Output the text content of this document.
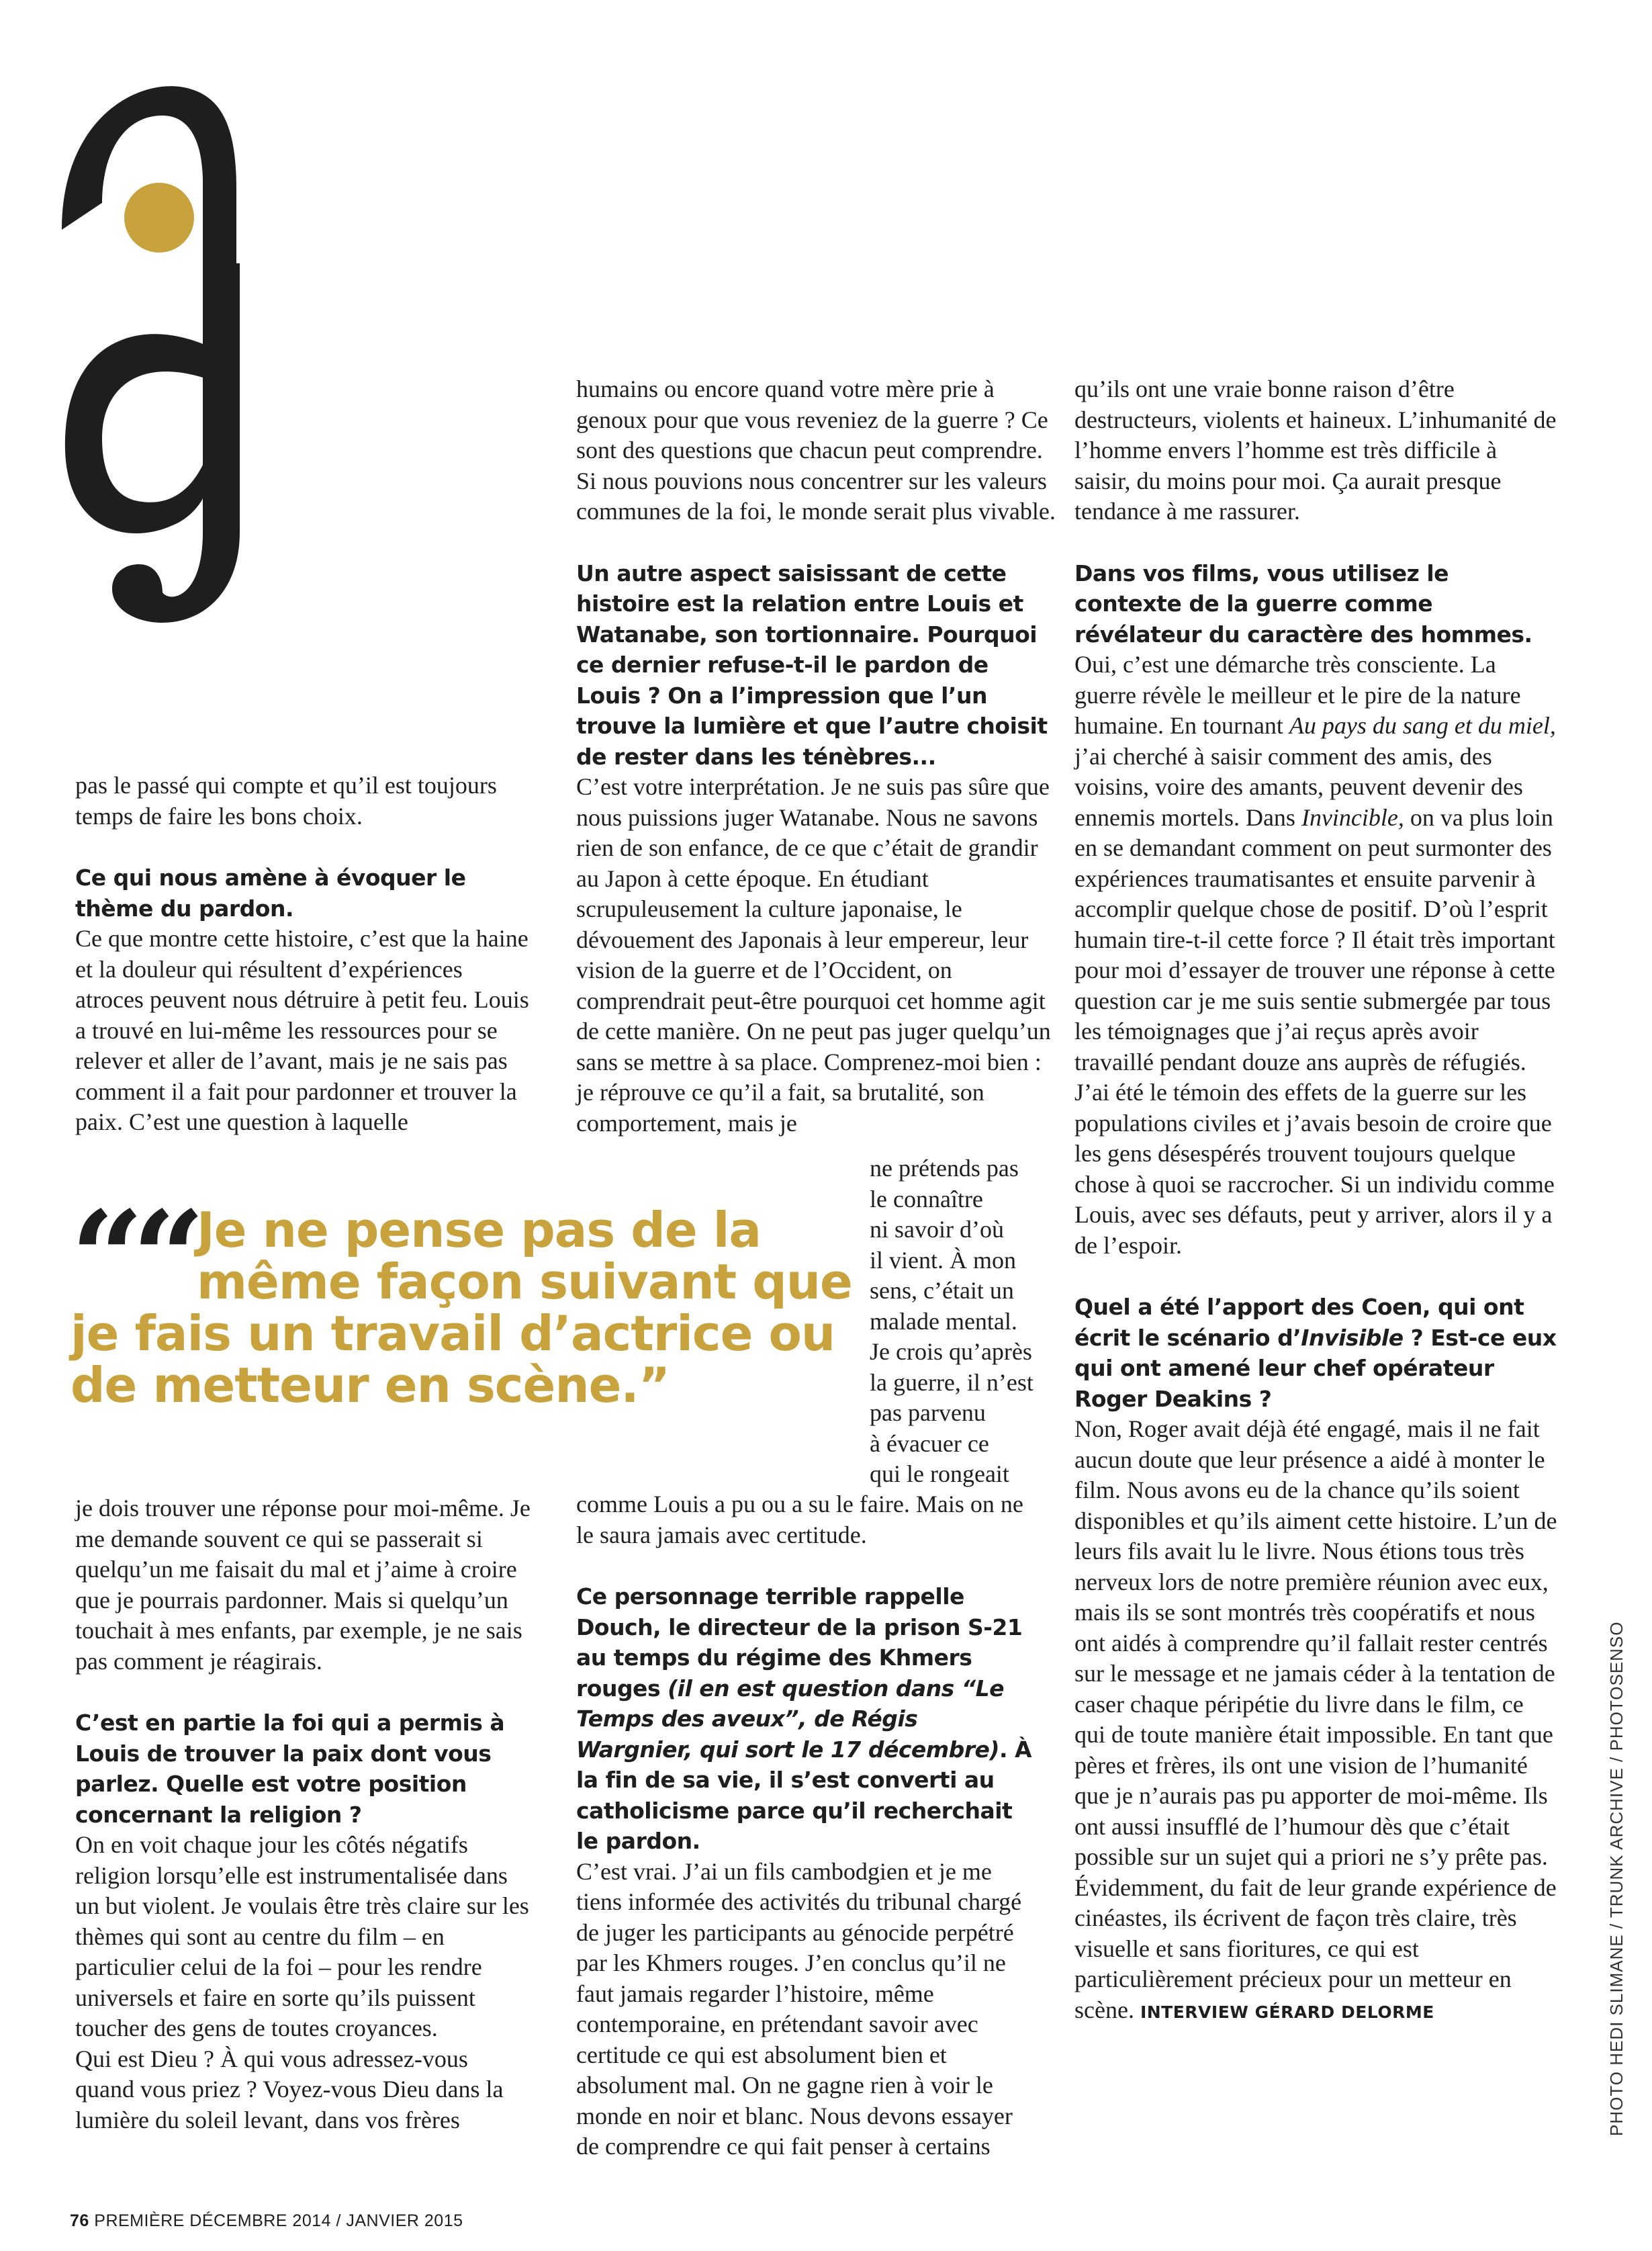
pas le passé qui compte et qu’il est toujours temps de faire les bons choix.

Ce qui nous amène à évoquer le thème du pardon.

Ce que montre cette histoire, c’est que la haine et la douleur qui résultent d’expériences atroces peuvent nous détruire à petit feu. Louis a trouvé en lui-même les ressources pour se relever et aller de l’avant, mais je ne sais pas comment il a fait pour pardonner et trouver la paix. C’est une question à laquelle

““ Je ne pense pas de la
même façon suivant que
je fais un travail d’actrice ou
de metteur en scène.”

je dois trouver une réponse pour moi-même. Je me demande souvent ce qui se passerait si quelqu’un me faisait du mal et j’aime à croire que je pourrais pardonner. Mais si quelqu’un touchait à mes enfants, par exemple, je ne sais pas comment je réagirais.

C’est en partie la foi qui a permis à Louis de trouver la paix dont vous parlez. Quelle est votre position concernant la religion ?

On en voit chaque jour les côtés négatifs religion lorsqu’elle est instrumentalisée dans un but violent. Je voulais être très claire sur les thèmes qui sont au centre du film – en particulier celui de la foi – pour les rendre universels et faire en sorte qu’ils puissent toucher des gens de toutes croyances.

Qui est Dieu ? À qui vous adressez-vous quand vous priez ? Voyez-vous Dieu dans la lumière du soleil levant, dans vos frères

humains ou encore quand votre mère prie à genoux pour que vous reveniez de la guerre ? Ce sont des questions que chacun peut comprendre. Si nous pouvions nous concentrer sur les valeurs communes de la foi, le monde serait plus vivable.

Un autre aspect saisissant de cette histoire est la relation entre Louis et Watanabe, son tortionnaire. Pourquoi ce dernier refuse-t-il le pardon de Louis ? On a l’impression que l’un trouve la lumière et que l’autre choisit de rester dans les ténèbres...

C’est votre interprétation. Je ne suis pas sûre que nous puissions juger Watanabe. Nous ne savons rien de son enfance, de ce que c’était de grandir au Japon à cette époque. En étudiant scrupuleusement la culture japonaise, le dévouement des Japonais à leur empereur, leur vision de la guerre et de l’Occident, on comprendrait peut-être pourquoi cet homme agit de cette manière. On ne peut pas juger quelqu’un sans se mettre à sa place. Comprenez-moi bien : je réprouve ce qu’il a fait, sa brutalité, son comportement, mais je

ne prétends pas
le connaître
ni savoir d’où
il vient. À mon
sens, c’était un
malade mental.
Je crois qu’après
la guerre, il n’est
pas parvenu
à évacuer ce
qui le rongeait

comme Louis a pu ou a su le faire. Mais on ne le saura jamais avec certitude.

Ce personnage terrible rappelle Douch, le directeur de la prison S-21 au temps du régime des Khmers rouges (il en est question dans “Le Temps des aveux”, de Régis Wargnier, qui sort le 17 décembre). À la fin de sa vie, il s’est converti au catholicisme parce qu’il recherchait le pardon.

C’est vrai. J’ai un fils cambodgien et je me tiens informée des activités du tribunal chargé de juger les participants au génocide perpétré par les Khmers rouges. J’en conclus qu’il ne faut jamais regarder l’histoire, même contemporaine, en prétendant savoir avec certitude ce qui est absolument bien et absolument mal. On ne gagne rien à voir le monde en noir et blanc. Nous devons essayer de comprendre ce qui fait penser à certains

qu’ils ont une vraie bonne raison d’être destructeurs, violents et haineux. L’inhumanité de l’homme envers l’homme est très difficile à saisir, du moins pour moi. Ça aurait presque tendance à me rassurer.

Dans vos films, vous utilisez le contexte de la guerre comme révélateur du caractère des hommes.

Oui, c’est une démarche très consciente. La guerre révèle le meilleur et le pire de la nature humaine. En tournant Au pays du sang et du miel, j’ai cherché à saisir comment des amis, des voisins, voire des amants, peuvent devenir des ennemis mortels. Dans Invincible, on va plus loin en se demandant comment on peut surmonter des expériences traumatisantes et ensuite parvenir à accomplir quelque chose de positif. D’où l’esprit humain tire-t-il cette force ? Il était très important pour moi d’essayer de trouver une réponse à cette question car je me suis sentie submergée par tous les témoignages que j’ai reçus après avoir travaillé pendant douze ans auprès de réfugiés. J’ai été le témoin des effets de la guerre sur les populations civiles et j’avais besoin de croire que les gens désespérés trouvent toujours quelque chose à quoi se raccrocher. Si un individu comme Louis, avec ses défauts, peut y arriver, alors il y a de l’espoir.

Quel a été l’apport des Coen, qui ont écrit le scénario d’Invisible ? Est-ce eux qui ont amené leur chef opérateur Roger Deakins ?

Non, Roger avait déjà été engagé, mais il ne fait aucun doute que leur présence a aidé à monter le film. Nous avons eu de la chance qu’ils soient disponibles et qu’ils aiment cette histoire. L’un de leurs fils avait lu le livre. Nous étions tous très nerveux lors de notre première réunion avec eux, mais ils se sont montrés très coopératifs et nous ont aidés à comprendre qu’il fallait rester centrés sur le message et ne jamais céder à la tentation de caser chaque péripétie du livre dans le film, ce qui de toute manière était impossible. En tant que pères et frères, ils ont une vision de l’humanité que je n’aurais pas pu apporter de moi-même. Ils ont aussi insufflé de l’humour dès que c’était possible sur un sujet qui a priori ne s’y prête pas. Évidemment, du fait de leur grande expérience de cinéastes, ils écrivent de façon très claire, très visuelle et sans fioritures, ce qui est particulièrement précieux pour un metteur en scène. INTERVIEW GÉRARD DELORME

76 PREMIÈRE DÉCEMBRE 2014 / JANVIER 2015
PHOTO HEDI SLIMANE / TRUNK ARCHIVE / PHOTOSENSO
